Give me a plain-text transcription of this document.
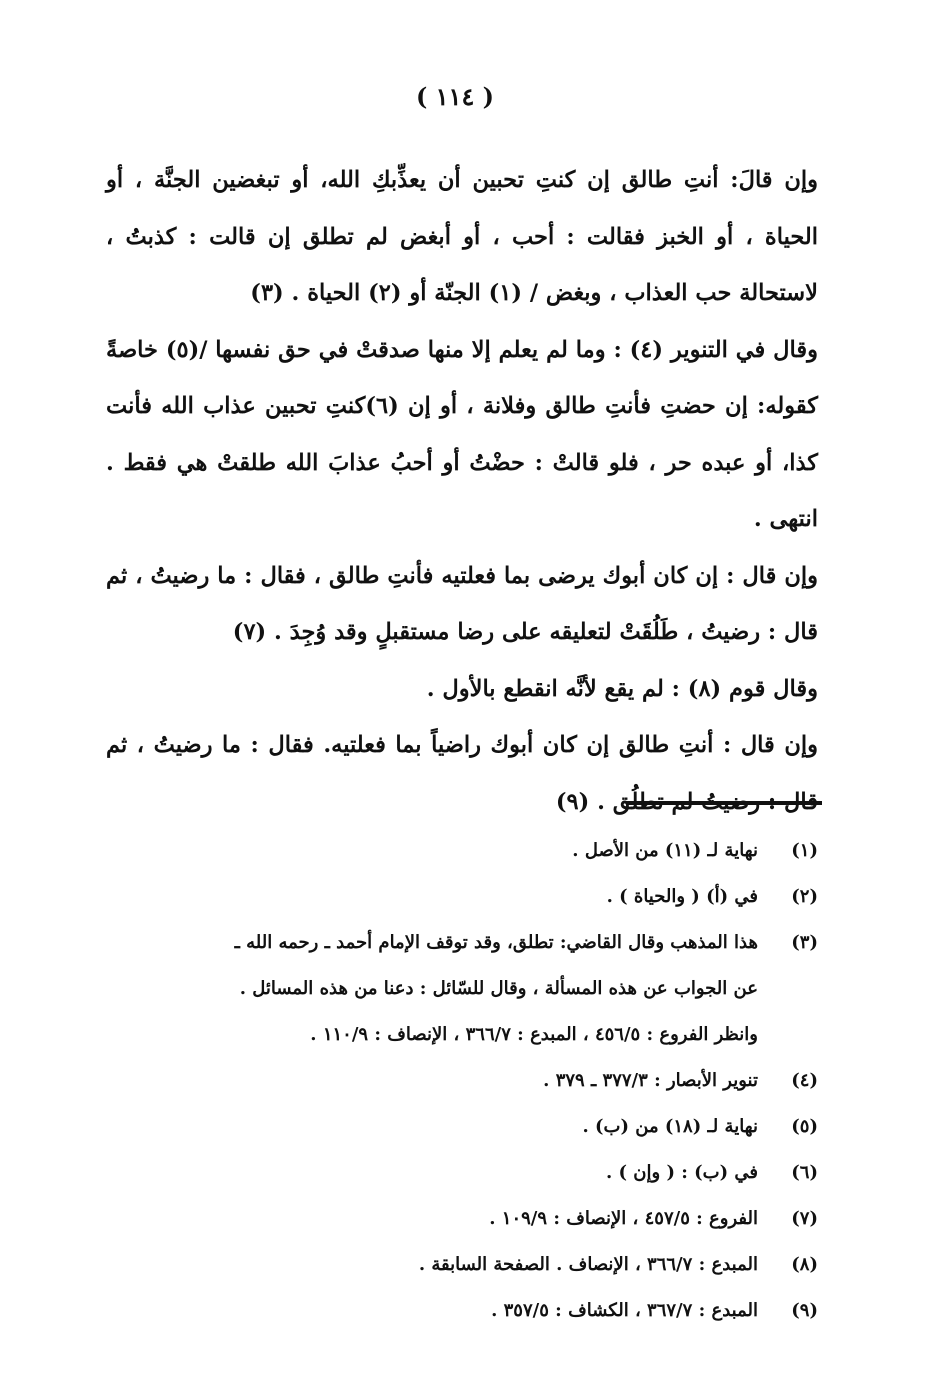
( ١١٤ )

وإن قالَ: أنتِ طالق إن كنتِ تحبين أن يعذِّبكِ الله، أو تبغضين الجنَّة ، أو الحياة ، أو الخبز فقالت : أحب ، أو أبغض لم تطلق إن قالت : كذبتُ ، لاستحالة حب العذاب ، وبغض / (١) الجنّة أو (٢) الحياة . (٣)

وقال في التنوير (٤) : وما لم يعلم إلا منها صدقتْ في حق نفسها /(٥) خاصةً كقوله: إن حضتِ فأنتِ طالق وفلانة ، أو إن (٦)كنتِ تحبين عذاب الله فأنت كذا، أو عبده حر ، فلو قالتْ : حضْتُ أو أحبُ عذابَ الله طلقتْ هي فقط . انتهى .

وإن قال : إن كان أبوك يرضى بما فعلتيه فأنتِ طالق ، فقال : ما رضيتُ ، ثم قال : رضيتُ ، طَلُقَتْ لتعليقه على رضا مستقبلٍ وقد وُجِدَ . (٧)

وقال قوم (٨) : لم يقع لأنَّه انقطع بالأول .

وإن قال : أنتِ طالق إن كان أبوك راضياً بما فعلتيه. فقال : ما رضيتُ ، ثم قال : رضيتُ لم تطلُق . (٩)

(١)
نهاية لـ (١١) من الأصل .
(٢)
في (أ) ( والحياة ) .
(٣)
هذا المذهب وقال القاضي: تطلق، وقد توقف الإمام أحمد ـ رحمه الله ـ
عن الجواب عن هذه المسألة ، وقال للسّائل : دعنا من هذه المسائل .
وانظر الفروع : ٤٥٦/٥ ، المبدع : ٣٦٦/٧ ، الإنصاف : ١١٠/٩ .
(٤)
تنوير الأبصار : ٣٧٧/٣ ـ ٣٧٩ .
(٥)
نهاية لـ (١٨) من (ب) .
(٦)
في (ب) : ( وإن ) .
(٧)
الفروع : ٤٥٧/٥ ، الإنصاف : ١٠٩/٩ .
(٨)
المبدع : ٣٦٦/٧ ، الإنصاف . الصفحة السابقة .
(٩)
المبدع : ٣٦٧/٧ ، الكشاف : ٣٥٧/٥ .
